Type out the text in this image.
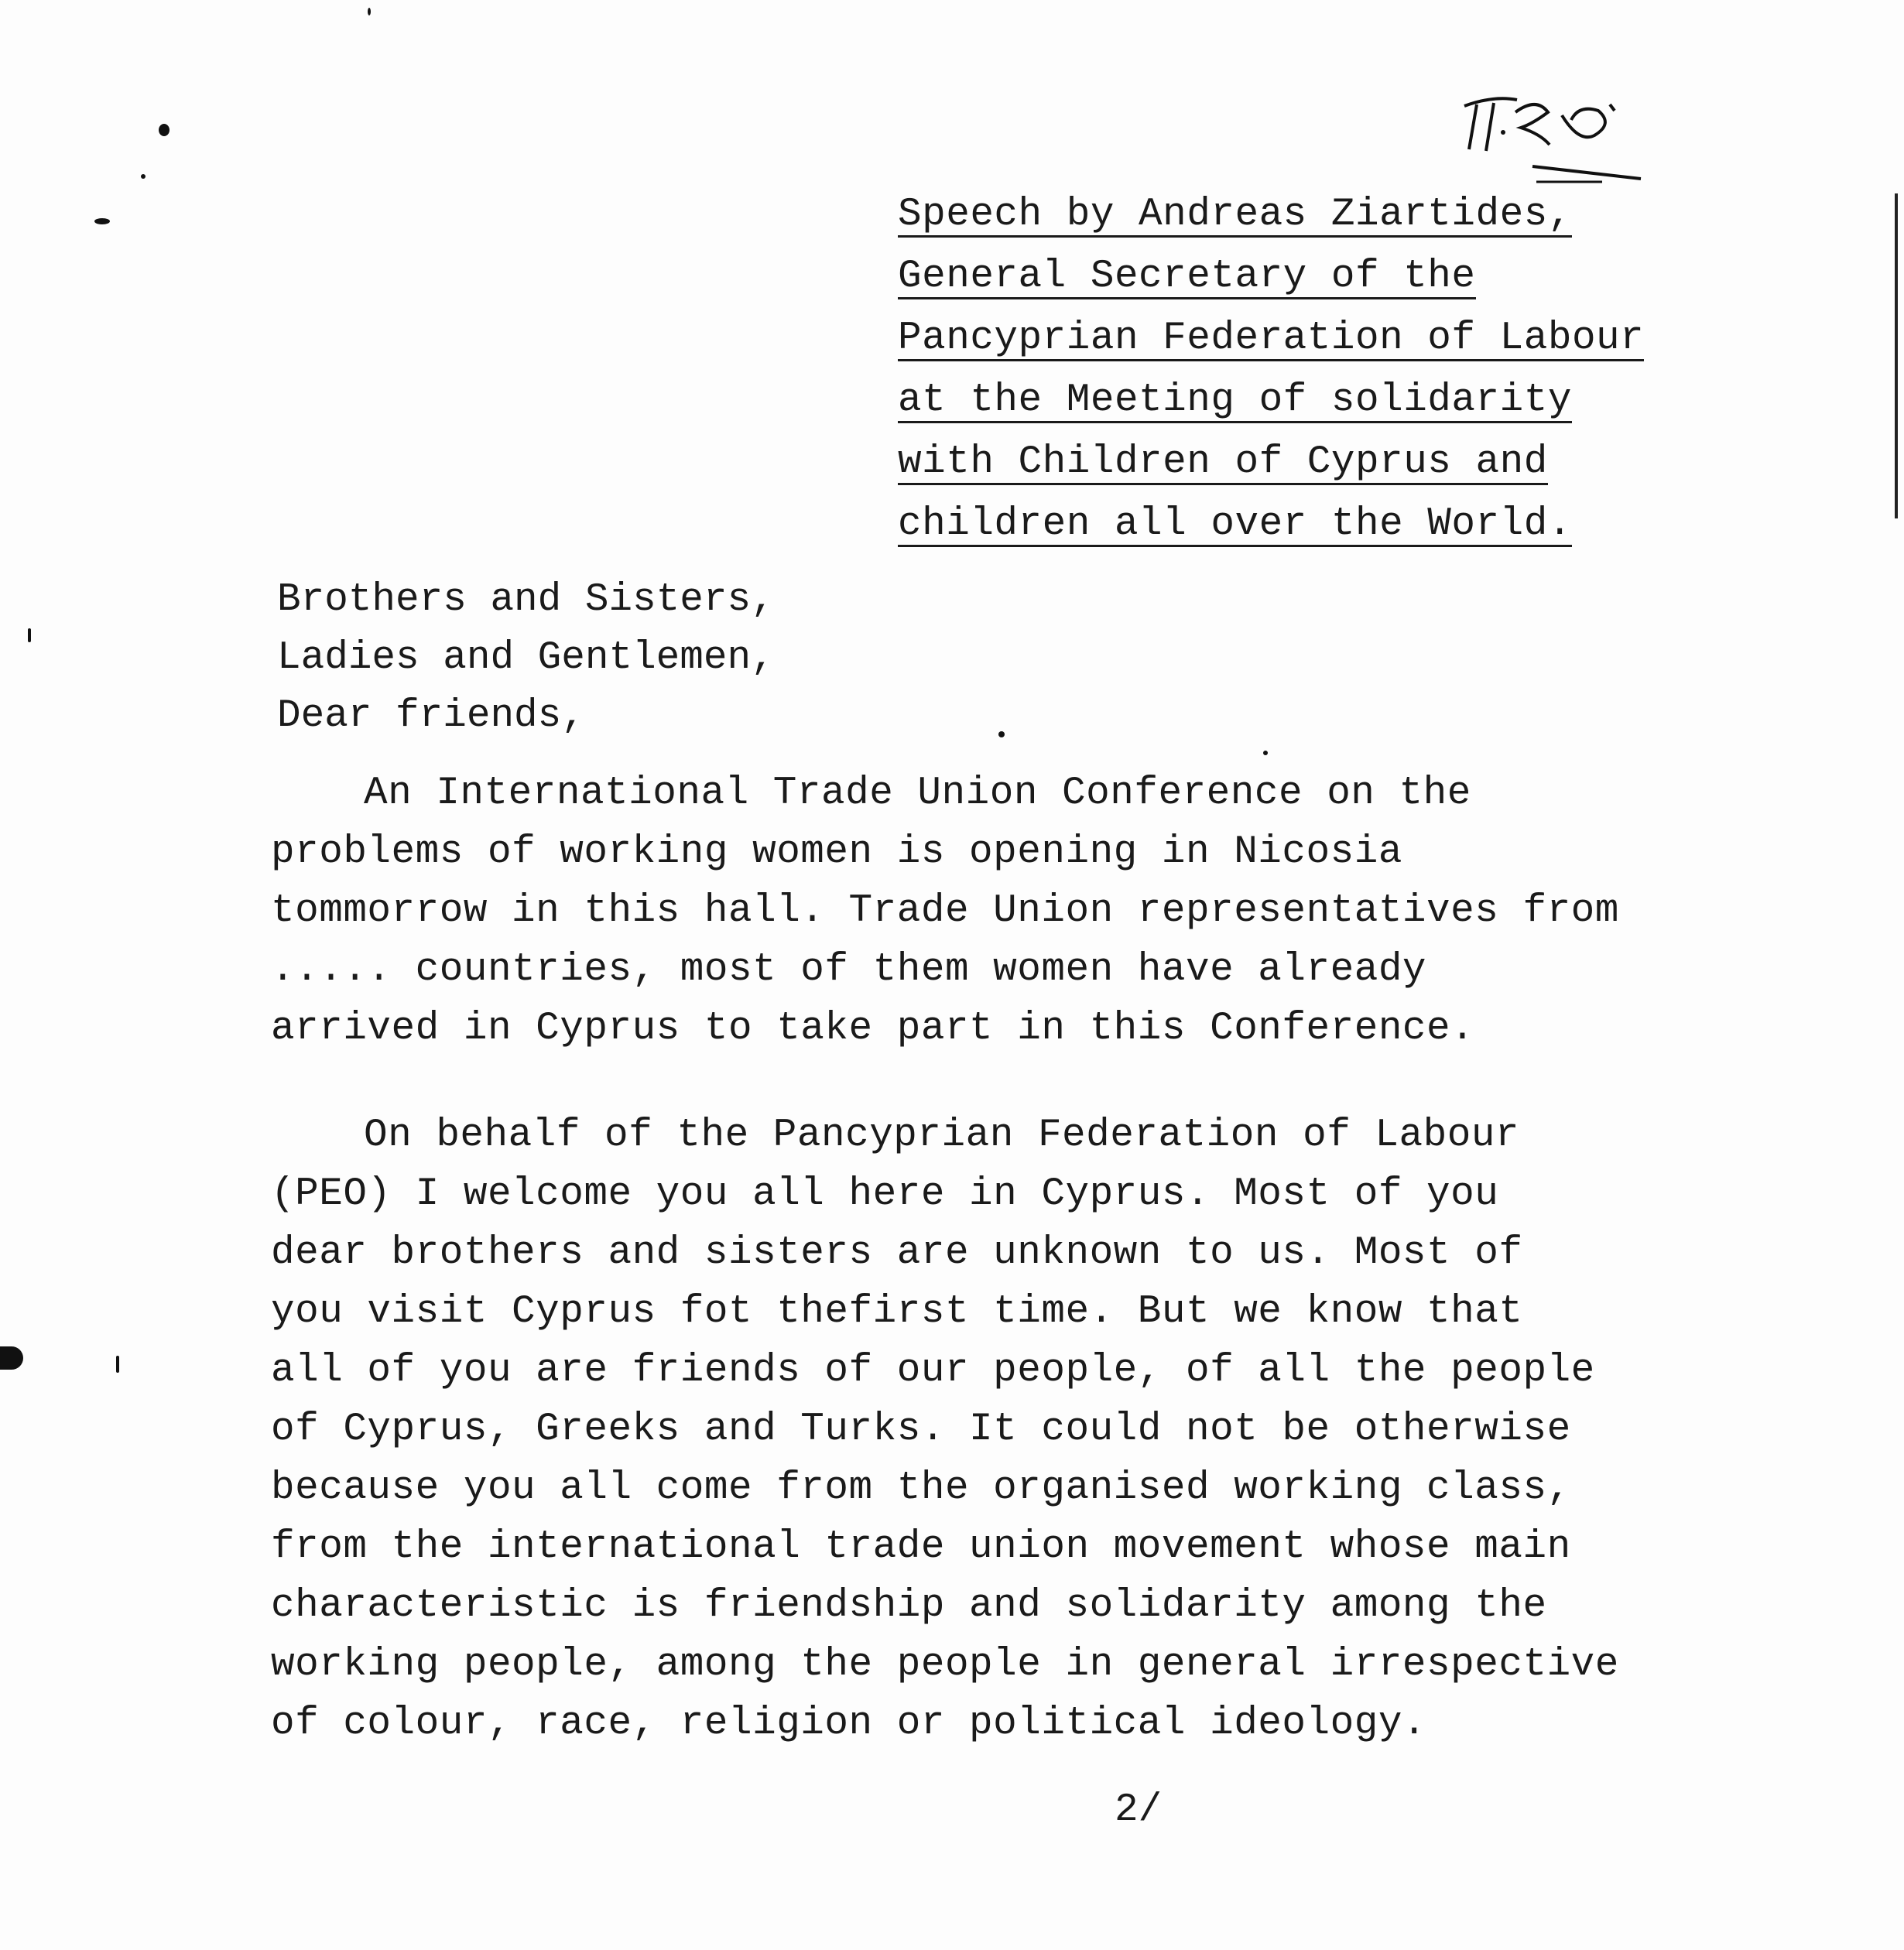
Speech by Andreas Ziartides,
General Secretary of the
Pancyprian Federation of Labour
at the Meeting of solidarity
with Children of Cyprus and
children all over the World.
Brothers and Sisters,
Ladies and Gentlemen,
Dear friends,
An International Trade Union Conference on the
problems of working women is opening in Nicosia
tommorrow in this hall. Trade Union representatives from
..... countries, most of them women have already
arrived in Cyprus to take part in this Conference.
On behalf of the Pancyprian Federation of Labour
(PEO) I welcome you all here in Cyprus. Most of you
dear brothers and sisters are unknown to us. Most of
you visit Cyprus fot thefirst time. But we know that
all of you are friends of our people, of all the people
of Cyprus, Greeks and Turks. It could not be otherwise
because you all come from the organised working class,
from the international trade union movement whose main
characteristic is friendship and solidarity among the
working people, among the people in general irrespective
of colour, race, religion or political ideology.
2/
